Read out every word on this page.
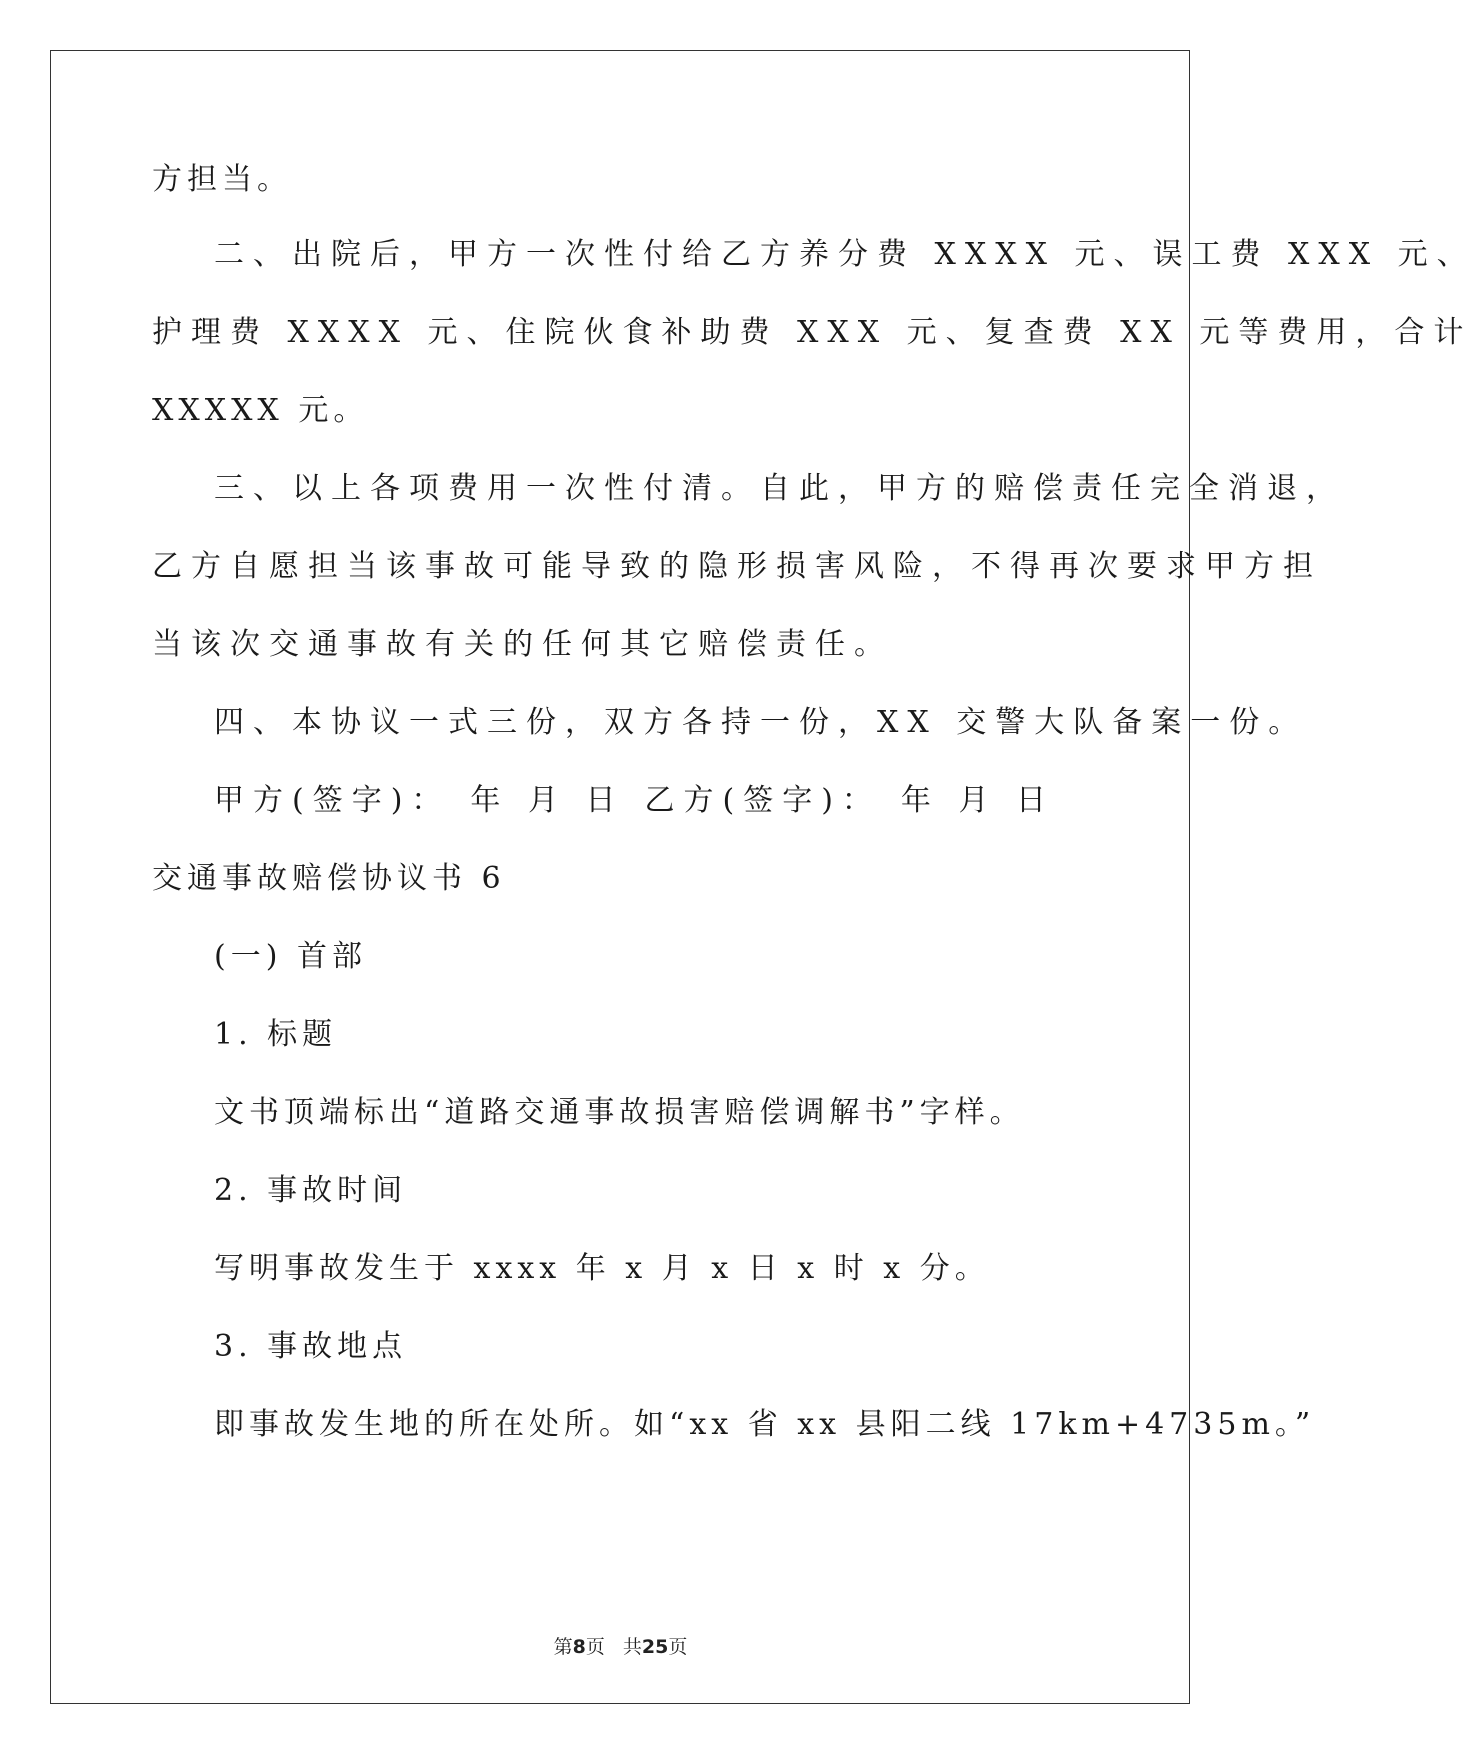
方担当。
二、出院后，甲方一次性付给乙方养分费 XXXX 元、误工费 XXX 元、
护理费 XXXX 元、住院伙食补助费 XXX 元、复查费 XX 元等费用，合计
XXXXX 元。
三、以上各项费用一次性付清。自此，甲方的赔偿责任完全消退，
乙方自愿担当该事故可能导致的隐形损害风险，不得再次要求甲方担
当该次交通事故有关的任何其它赔偿责任。
四、本协议一式三份，双方各持一份，XX 交警大队备案一份。
甲方(签字)： 年 月 日 乙方(签字)： 年 月 日
交通事故赔偿协议书 6
(一) 首部
1. 标题
文书顶端标出“道路交通事故损害赔偿调解书”字样。
2. 事故时间
写明事故发生于 xxxx 年 x 月 x 日 x 时 x 分。
3. 事故地点
即事故发生地的所在处所。如“xx 省 xx 县阳二线 17km+4735m。”
第8页 共25页
